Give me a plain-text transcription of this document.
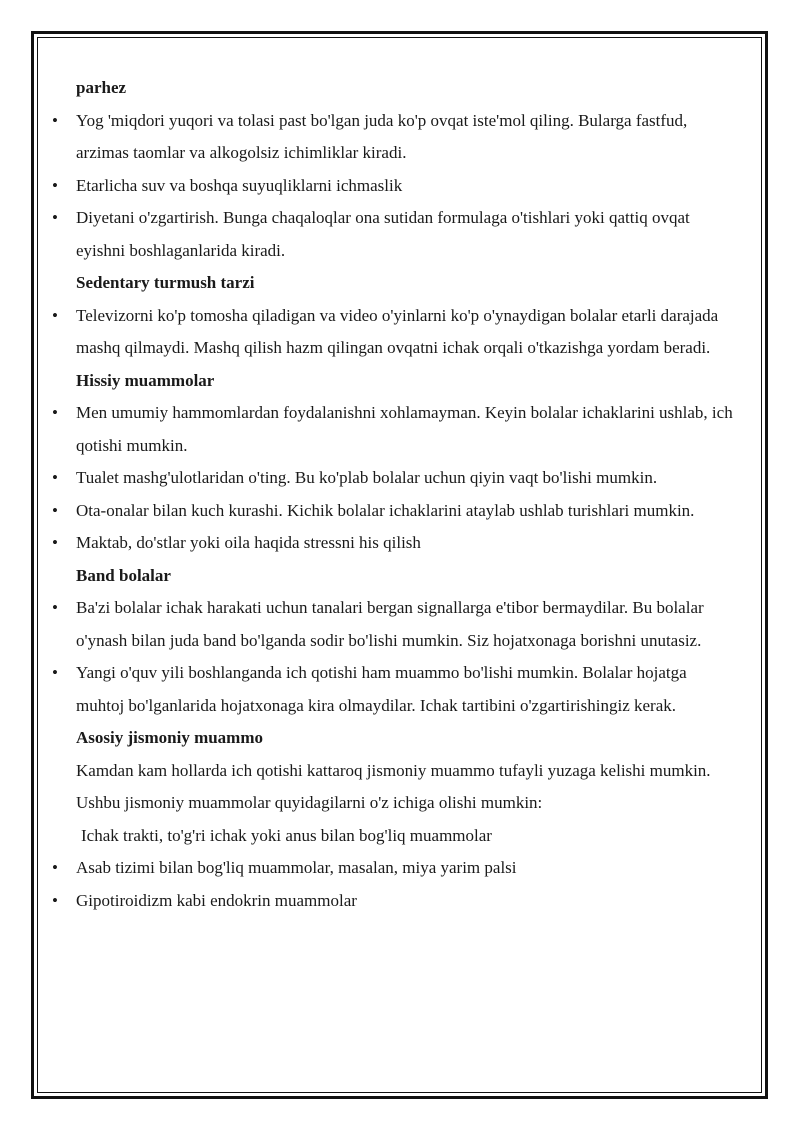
parhez

• Yog 'miqdori yuqori va tolasi past bo'lgan juda ko'p ovqat iste'mol qiling. Bularga fastfud, arzimas taomlar va alkogolsiz ichimliklar kiradi.

• Etarlicha suv va boshqa suyuqliklarni ichmaslik

• Diyetani o'zgartirish. Bunga chaqaloqlar ona sutidan formulaga o'tishlari yoki qattiq ovqat eyishni boshlaganlarida kiradi.

Sedentary turmush tarzi

• Televizorni ko'p tomosha qiladigan va video o'yinlarni ko'p o'ynaydigan bolalar etarli darajada mashq qilmaydi. Mashq qilish hazm qilingan ovqatni ichak orqali o'tkazishga yordam beradi.

Hissiy muammolar

• Men umumiy hammomlardan foydalanishni xohlamayman. Keyin bolalar ichaklarini ushlab, ich qotishi mumkin.

• Tualet mashg'ulotlaridan o'ting. Bu ko'plab bolalar uchun qiyin vaqt bo'lishi mumkin.

• Ota-onalar bilan kuch kurashi. Kichik bolalar ichaklarini ataylab ushlab turishlari mumkin.

• Maktab, do'stlar yoki oila haqida stressni his qilish

Band bolalar

• Ba'zi bolalar ichak harakati uchun tanalari bergan signallarga e'tibor bermaydilar. Bu bolalar o'ynash bilan juda band bo'lganda sodir bo'lishi mumkin. Siz hojatxonaga borishni unutasiz.

• Yangi o'quv yili boshlanganda ich qotishi ham muammo bo'lishi mumkin. Bolalar hojatga muhtoj bo'lganlarida hojatxonaga kira olmaydilar. Ichak tartibini o'zgartirishingiz kerak.

Asosiy jismoniy muammo

Kamdan kam hollarda ich qotishi kattaroq jismoniy muammo tufayli yuzaga kelishi mumkin. Ushbu jismoniy muammolar quyidagilarni o'z ichiga olishi mumkin:

Ichak trakti, to'g'ri ichak yoki anus bilan bog'liq muammolar

• Asab tizimi bilan bog'liq muammolar, masalan, miya yarim palsi

• Gipotiroidizm kabi endokrin muammolar
